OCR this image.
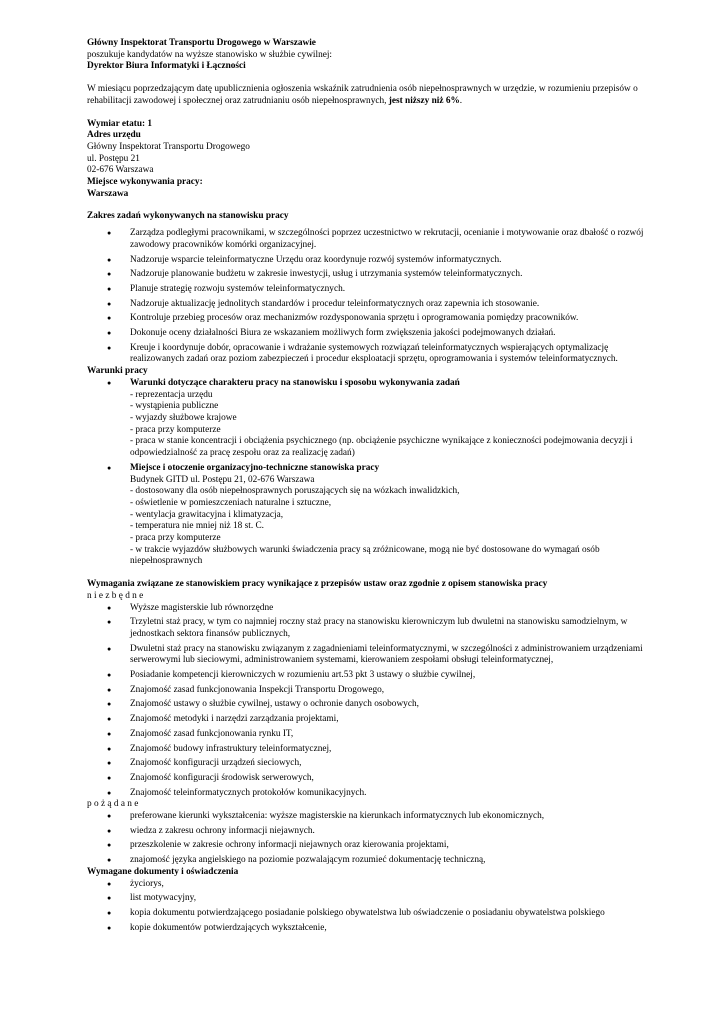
Główny Inspektorat Transportu Drogowego w Warszawie
poszukuje kandydatów na wyższe stanowisko w służbie cywilnej:
Dyrektor Biura Informatyki i Łączności
W miesiącu poprzedzającym datę upublicznienia ogłoszenia wskaźnik zatrudnienia osób niepełnosprawnych w urzędzie, w rozumieniu przepisów o rehabilitacji zawodowej i społecznej oraz zatrudnianiu osób niepełnosprawnych, jest niższy niż 6%.
Wymiar etatu: 1
Adres urzędu
Główny Inspektorat Transportu Drogowego
ul. Postępu 21
02-676 Warszawa
Miejsce wykonywania pracy:
Warszawa
Zakres zadań wykonywanych na stanowisku pracy
● Zarządza podległymi pracownikami, w szczególności poprzez uczestnictwo w rekrutacji, ocenianie i motywowanie oraz dbałość o rozwój zawodowy pracowników komórki organizacyjnej.
● Nadzoruje wsparcie teleinformatyczne Urzędu oraz koordynuje rozwój systemów informatycznych.
● Nadzoruje planowanie budżetu w zakresie inwestycji, usług i utrzymania systemów teleinformatycznych.
● Planuje strategię rozwoju systemów teleinformatycznych.
● Nadzoruje aktualizację jednolitych standardów i procedur teleinformatycznych oraz zapewnia ich stosowanie.
● Kontroluje przebieg procesów oraz mechanizmów rozdysponowania sprzętu i oprogramowania pomiędzy pracowników.
● Dokonuje oceny działalności Biura ze wskazaniem możliwych form zwiększenia jakości podejmowanych działań.
● Kreuje i koordynuje dobór, opracowanie i wdrażanie systemowych rozwiązań teleinformatycznych wspierających optymalizację realizowanych zadań oraz poziom zabezpieczeń i procedur eksploatacji sprzętu, oprogramowania i systemów teleinformatycznych.
Warunki pracy
● Warunki dotyczące charakteru pracy na stanowisku i sposobu wykonywania zadań
- reprezentacja urzędu
- wystąpienia publiczne
- wyjazdy służbowe krajowe
- praca przy komputerze
- praca w stanie koncentracji i obciążenia psychicznego (np. obciążenie psychiczne wynikające z konieczności podejmowania decyzji i odpowiedzialność za pracę zespołu oraz za realizację zadań)
● Miejsce i otoczenie organizacyjno-techniczne stanowiska pracy
Budynek GITD ul. Postępu 21, 02-676 Warszawa
- dostosowany dla osób niepełnosprawnych poruszających się na wózkach inwalidzkich,
- oświetlenie w pomieszczeniach naturalne i sztuczne,
- wentylacja grawitacyjna i klimatyzacja,
- temperatura nie mniej niż 18 st. C.
- praca przy komputerze
- w trakcie wyjazdów służbowych warunki świadczenia pracy są zróżnicowane, mogą nie być dostosowane do wymagań osób niepełnosprawnych
Wymagania związane ze stanowiskiem pracy wynikające z przepisów ustaw oraz zgodnie z opisem stanowiska pracy
n i e z b ę d n e
● Wyższe magisterskie lub równorzędne
● Trzyletni staż pracy, w tym co najmniej roczny staż pracy na stanowisku kierowniczym lub dwuletni na stanowisku samodzielnym, w jednostkach sektora finansów publicznych,
● Dwuletni staż pracy na stanowisku związanym z zagadnieniami teleinformatycznymi, w szczególności z administrowaniem urządzeniami serwerowymi lub sieciowymi, administrowaniem systemami, kierowaniem zespołami obsługi teleinformatycznej,
● Posiadanie kompetencji kierowniczych w rozumieniu art.53 pkt 3 ustawy o służbie cywilnej,
● Znajomość zasad funkcjonowania Inspekcji Transportu Drogowego,
● Znajomość ustawy o służbie cywilnej, ustawy o ochronie danych osobowych,
● Znajomość metodyki i narzędzi zarządzania projektami,
● Znajomość zasad funkcjonowania rynku IT,
● Znajomość budowy infrastruktury teleinformatycznej,
● Znajomość konfiguracji urządzeń sieciowych,
● Znajomość konfiguracji środowisk serwerowych,
● Znajomość teleinformatycznych protokołów komunikacyjnych.
p o ż ą d a n e
● preferowane kierunki wykształcenia: wyższe magisterskie na kierunkach informatycznych lub ekonomicznych,
● wiedza z zakresu ochrony informacji niejawnych.
● przeszkolenie w zakresie ochrony informacji niejawnych oraz kierowania projektami,
● znajomość języka angielskiego na poziomie pozwalającym rozumieć dokumentację techniczną,
Wymagane dokumenty i oświadczenia
● życiorys,
● list motywacyjny,
● kopia dokumentu potwierdzającego posiadanie polskiego obywatelstwa lub oświadczenie o posiadaniu obywatelstwa polskiego
● kopie dokumentów potwierdzających wykształcenie,
